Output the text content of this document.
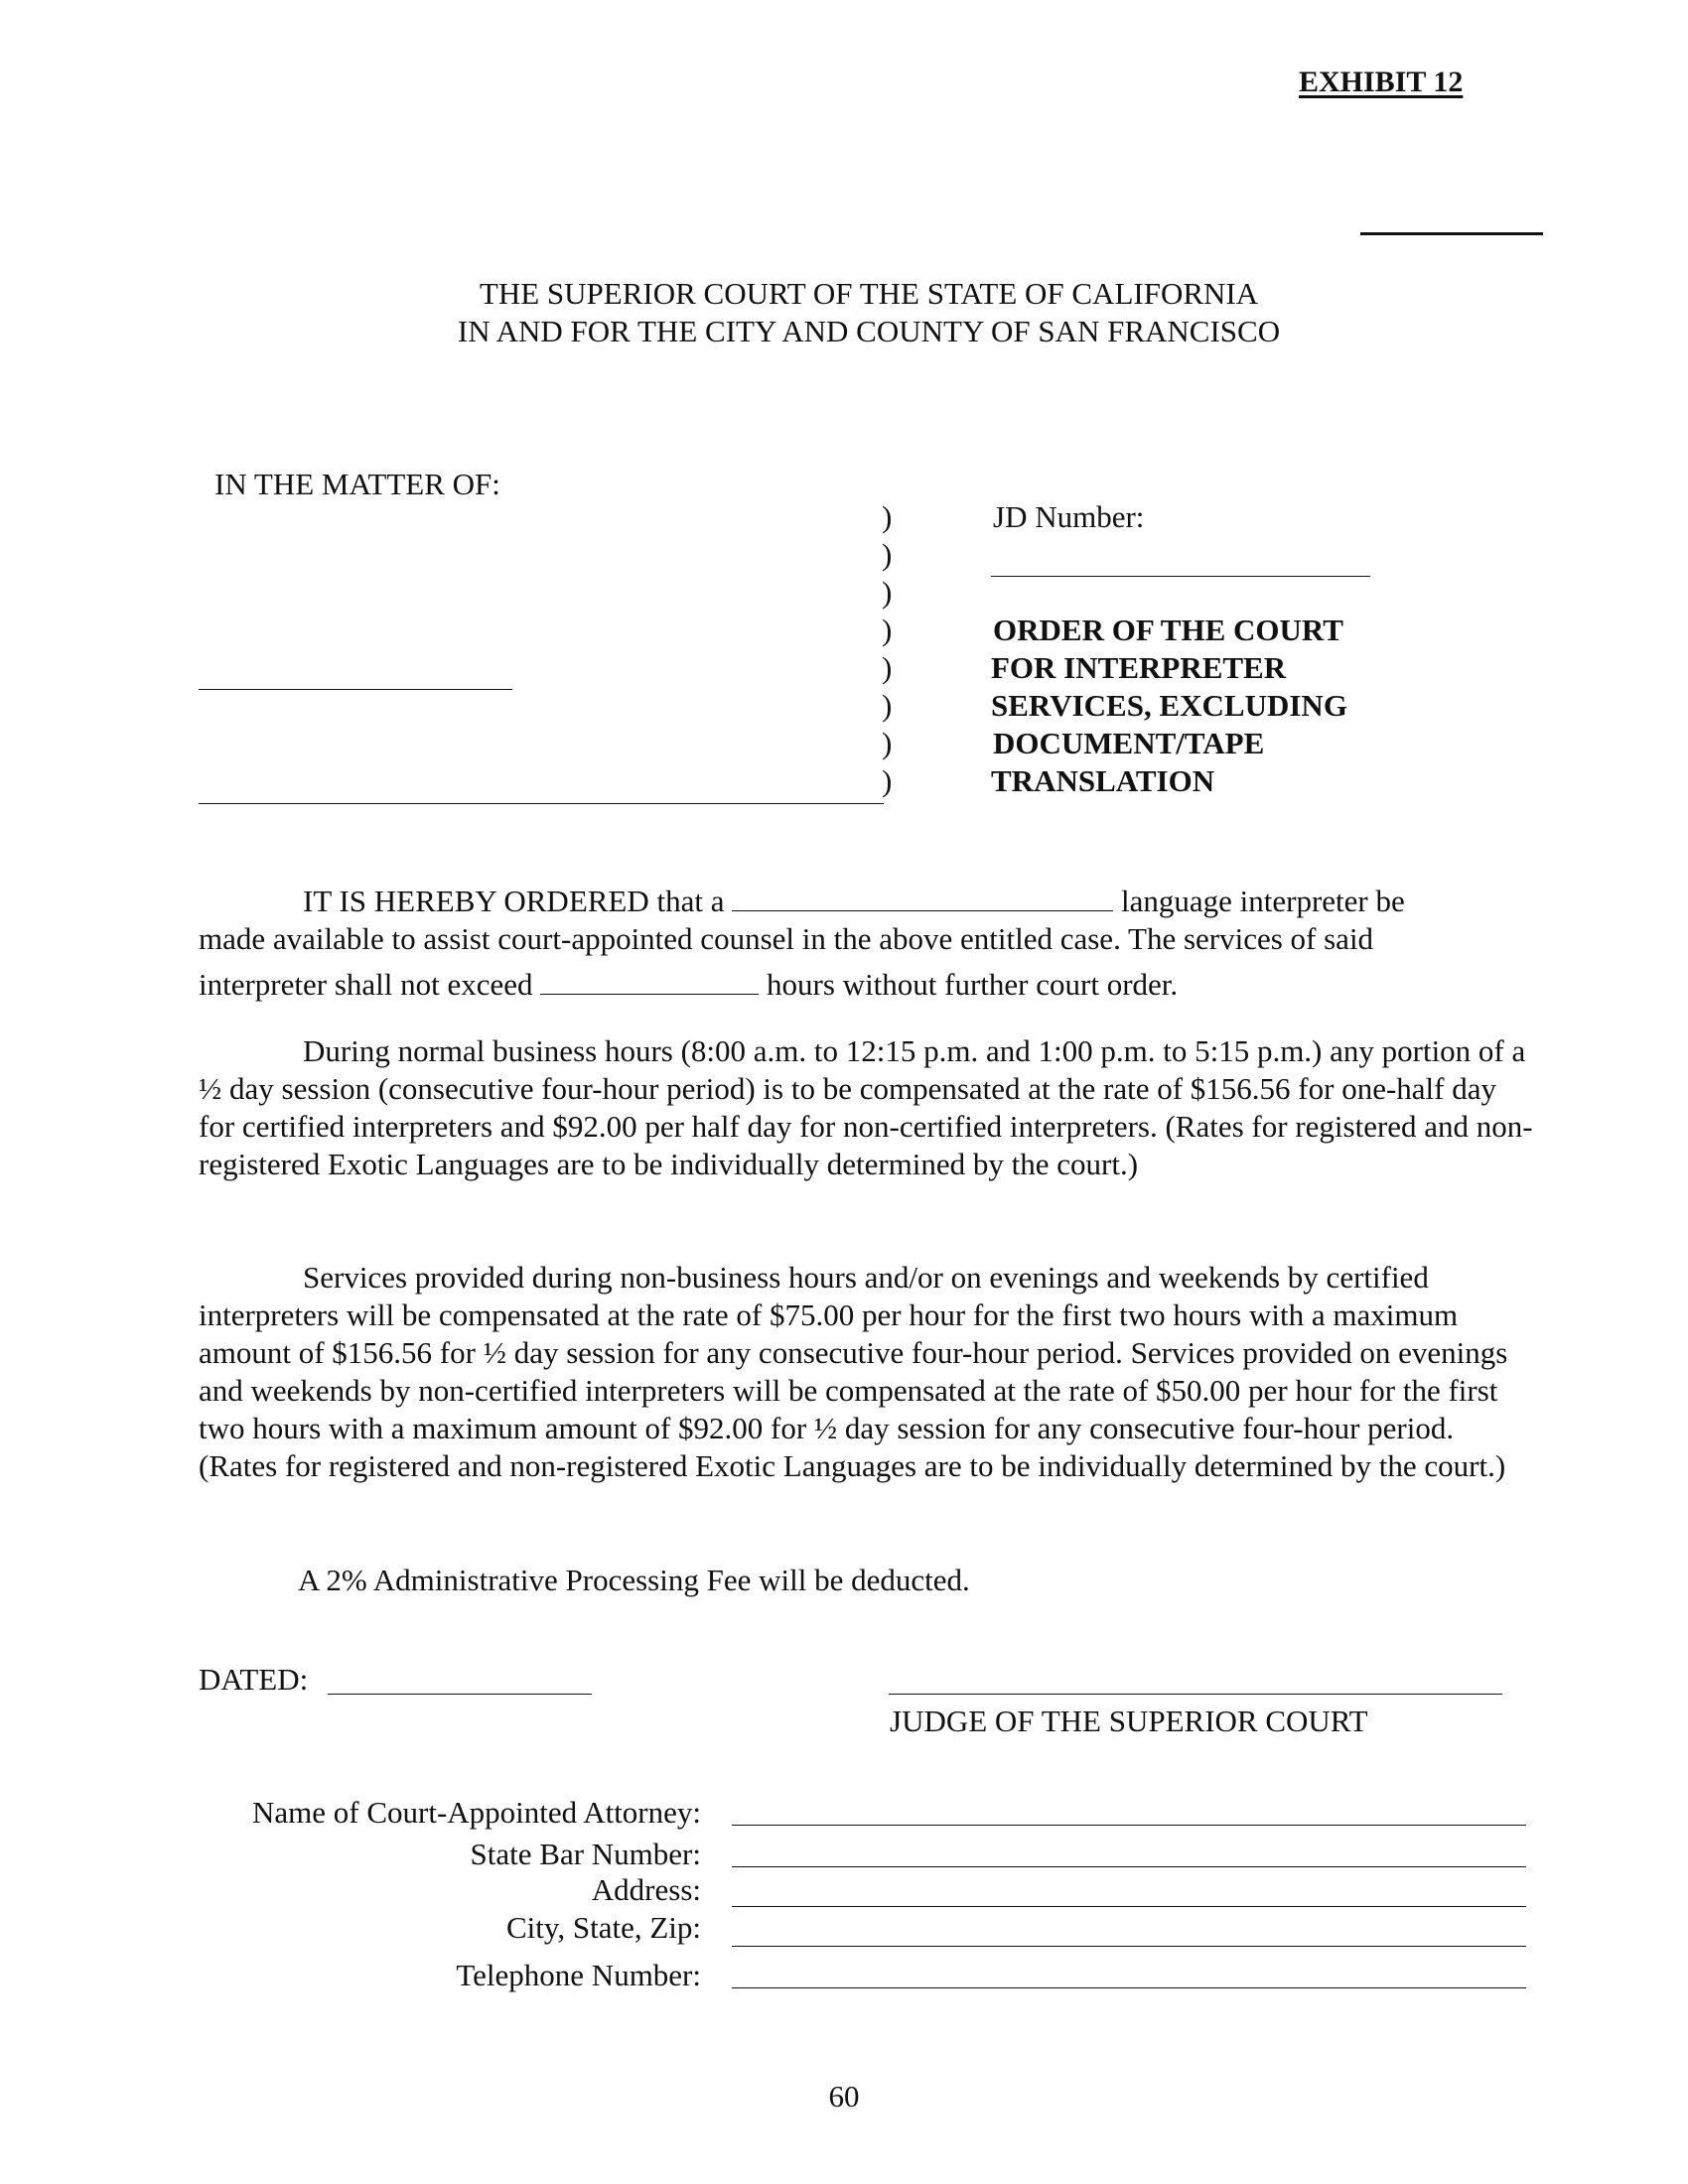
EXHIBIT 12
THE SUPERIOR COURT OF THE STATE OF CALIFORNIA
IN AND FOR THE CITY AND COUNTY OF SAN FRANCISCO
IN THE MATTER OF:
)
)
)
)
)
)
)
)
JD Number:
ORDER OF THE COURT
FOR INTERPRETER
SERVICES, EXCLUDING
DOCUMENT/TAPE
TRANSLATION
IT IS HEREBY ORDERED that a	language interpreter be
made available to assist court-appointed counsel in the above entitled case. The services of said
interpreter shall not exceed	hours without further court order.
During normal business hours (8:00 a.m. to 12:15 p.m. and 1:00 p.m. to 5:15 p.m.) any portion of a ½ day session (consecutive four-hour period) is to be compensated at the rate of $156.56 for one-half day for certified interpreters and $92.00 per half day for non-certified interpreters. (Rates for registered and non-registered Exotic Languages are to be individually determined by the court.)
Services provided during non-business hours and/or on evenings and weekends by certified interpreters will be compensated at the rate of $75.00 per hour for the first two hours with a maximum amount of $156.56 for ½ day session for any consecutive four-hour period. Services provided on evenings and weekends by non-certified interpreters will be compensated at the rate of $50.00 per hour for the first two hours with a maximum amount of $92.00 for ½ day session for any consecutive four-hour period. (Rates for registered and non-registered Exotic Languages are to be individually determined by the court.)
A 2% Administrative Processing Fee will be deducted.
DATED:
JUDGE OF THE SUPERIOR COURT
Name of Court-Appointed Attorney:
State Bar Number:
Address:
City, State, Zip:
Telephone Number:
60
